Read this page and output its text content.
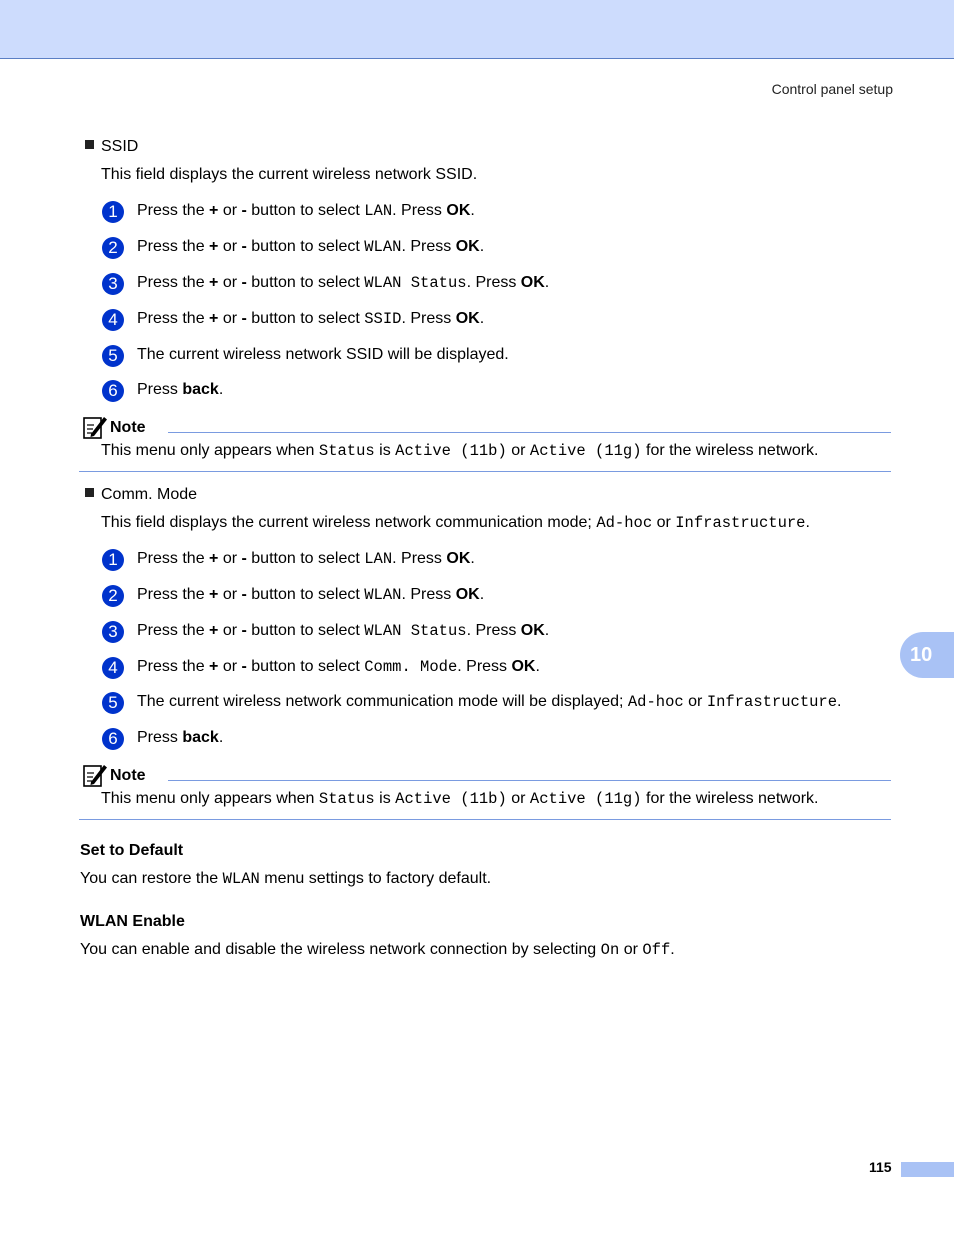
Control panel setup
SSID
This field displays the current wireless network SSID.
1	Press the + or - button to select LAN. Press OK.
2	Press the + or - button to select WLAN. Press OK.
3	Press the + or - button to select WLAN Status. Press OK.
4	Press the + or - button to select SSID. Press OK.
5	The current wireless network SSID will be displayed.
6	Press back.
Note
This menu only appears when Status is Active (11b) or Active (11g) for the wireless network.
Comm. Mode
This field displays the current wireless network communication mode; Ad-hoc or Infrastructure.
1	Press the + or - button to select LAN. Press OK.
2	Press the + or - button to select WLAN. Press OK.
3	Press the + or - button to select WLAN Status. Press OK.
4	Press the + or - button to select Comm. Mode. Press OK.
5	The current wireless network communication mode will be displayed; Ad-hoc or Infrastructure.
6	Press back.
Note
This menu only appears when Status is Active (11b) or Active (11g) for the wireless network.
Set to Default
You can restore the WLAN menu settings to factory default.
WLAN Enable
You can enable and disable the wireless network connection by selecting On or Off.
10
115
